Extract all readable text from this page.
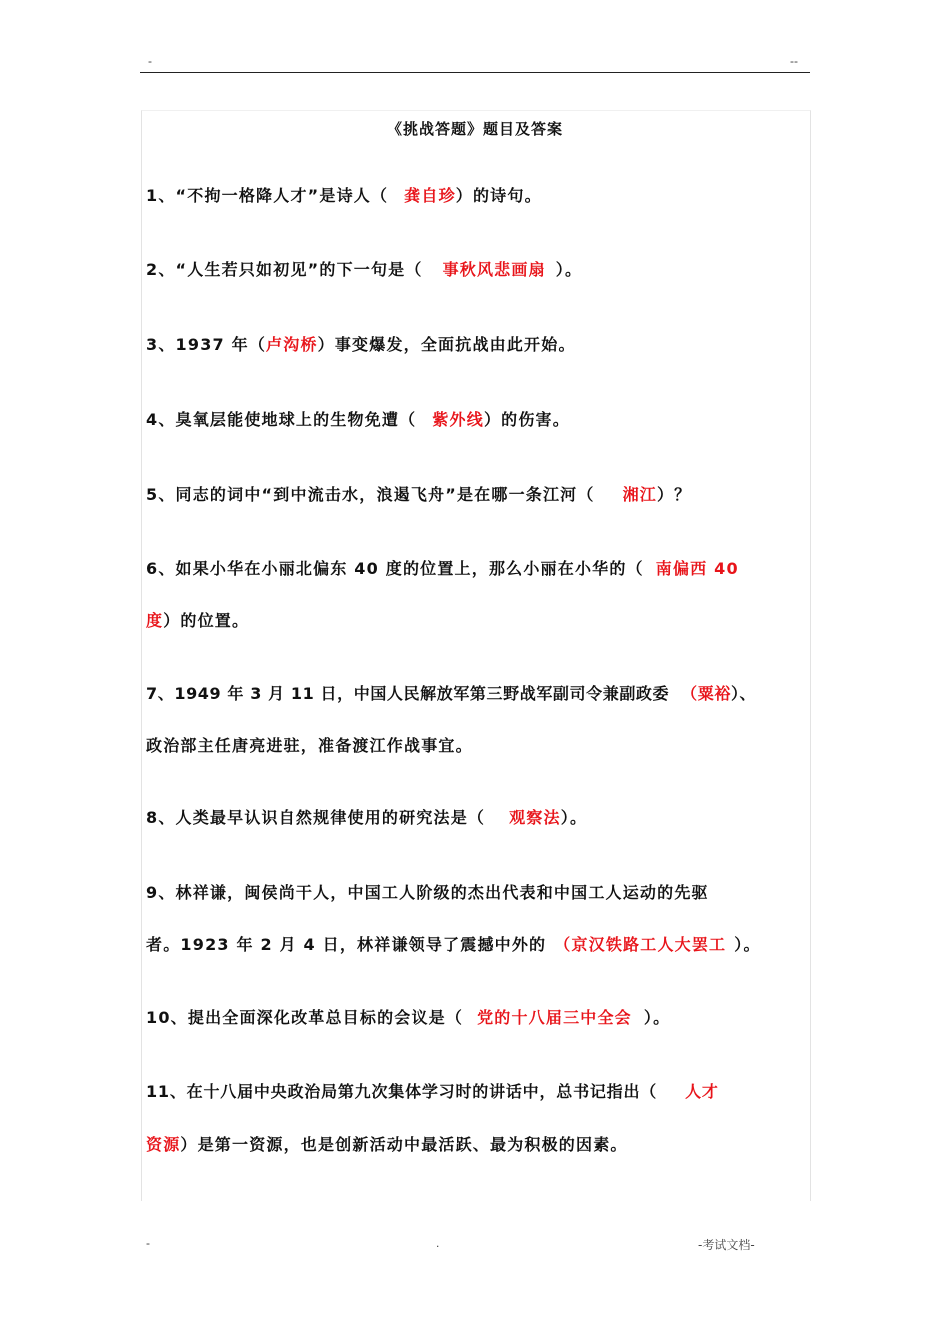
-	--
《挑战答题》题目及答案
1、“不拘一格降人才”是诗人（ 龚自珍）的诗句。
2、“人生若只如初见”的下一句是（ 事秋风悲画扇 ）。
3、1937 年（卢沟桥）事变爆发，全面抗战由此开始。
4、臭氧层能使地球上的生物免遭（ 紫外线）的伤害。
5、同志的词中“到中流击水，浪遏飞舟”是在哪一条江河（ 湘江）？
6、如果小华在小丽北偏东 40 度的位置上，那么小丽在小华的（ 南偏西 40
度）的位置。
7、1949 年 3 月 11 日，中国人民解放军第三野战军副司令兼副政委 （粟裕）、
政治部主任唐亮进驻，准备渡江作战事宜。
8、人类最早认识自然规律使用的研究法是（ 观察法）。
9、林祥谦，闽侯尚干人，中国工人阶级的杰出代表和中国工人运动的先驱
者。1923 年 2 月 4 日，林祥谦领导了震撼中外的 （京汉铁路工人大罢工 ）。
10、提出全面深化改革总目标的会议是（ 党的十八届三中全会 ）。
11、在十八届中央政治局第九次集体学习时的讲话中，总书记指出（ 人才
资源）是第一资源，也是创新活动中最活跃、最为积极的因素。
-	.	-考试文档-
